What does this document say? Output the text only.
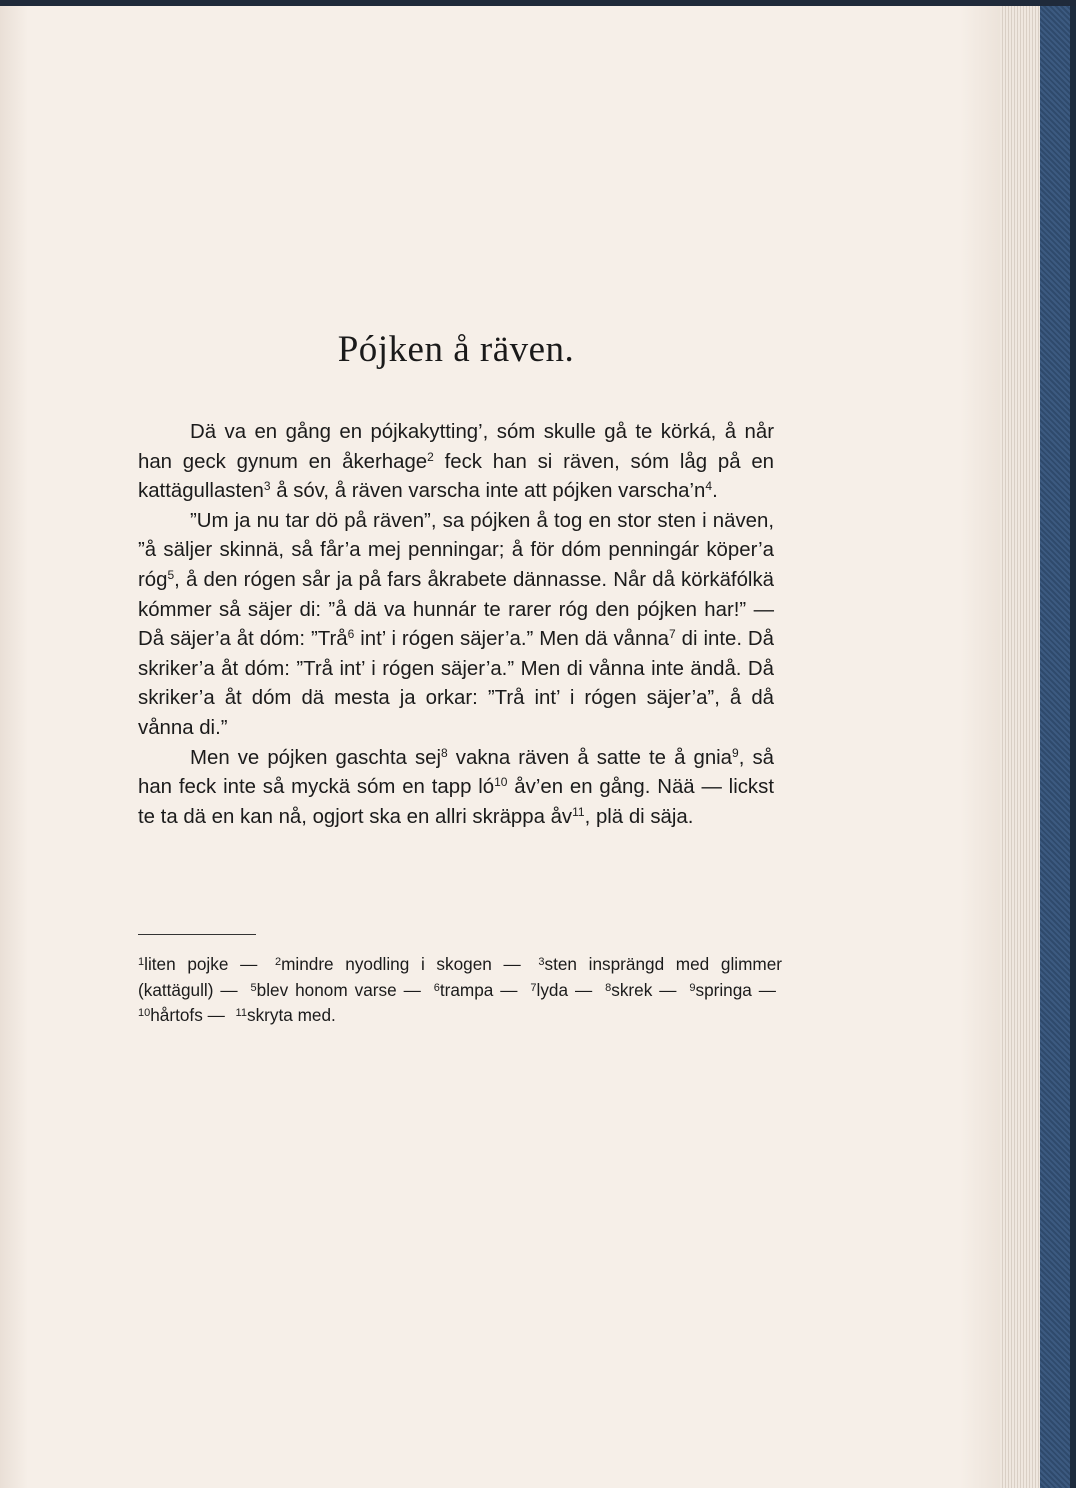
Pójken å räven.

Dä va en gång en pójkakytting’, sóm skulle gå te körká, å når han geck gynum en åkerhage$^2$ feck han si räven, sóm låg på en kattägullasten$^3$ å sóv, å räven varscha inte att pójken $varscha’n^4$.

”Um ja nu tar dö på räven”, sa pójken å tog en stor sten i näven, ”å säljer skinnä, så får’a mej penningar; å för dóm penningár köper’a róg$^5$, å den rógen sår ja på fars åkrabete dännasse. Når då körkäfólkä kómmer så säjer di: ”å dä va hunnár te rarer róg den pójken har!” — Då säjer’a åt dóm: ”Trå$^6$ int’ i rógen säjer’a.” Men dä vånna$^7$ di inte. Då skriker’a åt dóm: ”Trå int’ i rógen säjer’a.” Men di vånna inte ändå. Då skriker’a åt dóm dä mesta ja orkar: ”Trå int’ i rógen säjer’a”, å då vånna di.”

Men ve pójken gaschta sej$^8$ vakna räven å satte te å gnia$^9$, så han feck inte så myckä sóm en tapp $ló^{10}$ åv’en en gång. Nää — lickst te ta dä en kan nå, ogjort ska en allri skräppa $åv^{11}$, plä di säja.

$^1$liten pojke — $^2$mindre nyodling i skogen — $^3$sten insprängd med glimmer (kattägull) — $^5$blev honom varse — $^6$trampa — $^7$lyda — $^8$skrek — $^9$springa — $^{10}$hårtofs — $^{11}$skryta med.
